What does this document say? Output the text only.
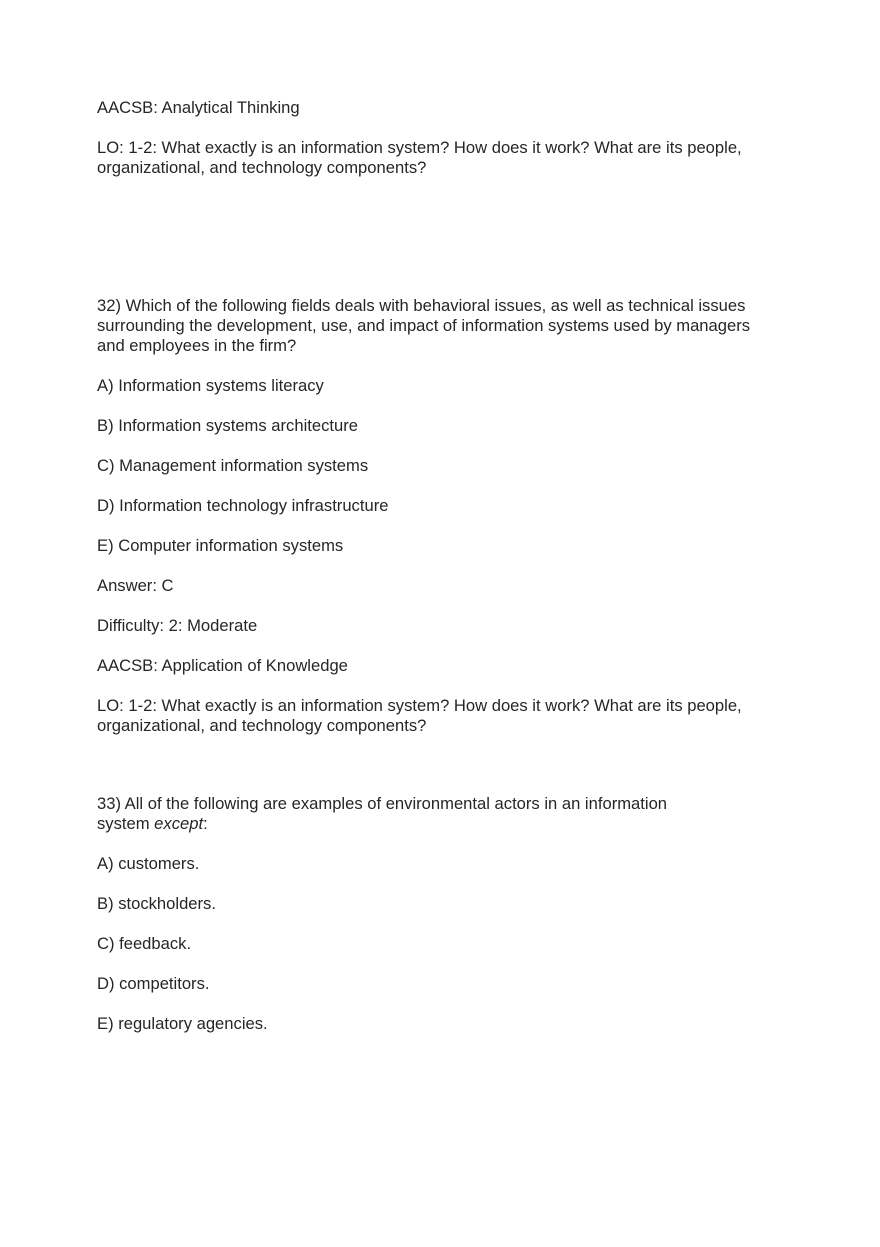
AACSB: Analytical Thinking

LO: 1-2: What exactly is an information system? How does it work? What are its people,
organizational, and technology components?

32) Which of the following fields deals with behavioral issues, as well as technical issues
surrounding the development, use, and impact of information systems used by managers
and employees in the firm?

A) Information systems literacy

B) Information systems architecture

C) Management information systems

D) Information technology infrastructure

E) Computer information systems

Answer: C

Difficulty: 2: Moderate

AACSB: Application of Knowledge

LO: 1-2: What exactly is an information system? How does it work? What are its people,
organizational, and technology components?

33) All of the following are examples of environmental actors in an information
system except:

A) customers.

B) stockholders.

C) feedback.

D) competitors.

E) regulatory agencies.
